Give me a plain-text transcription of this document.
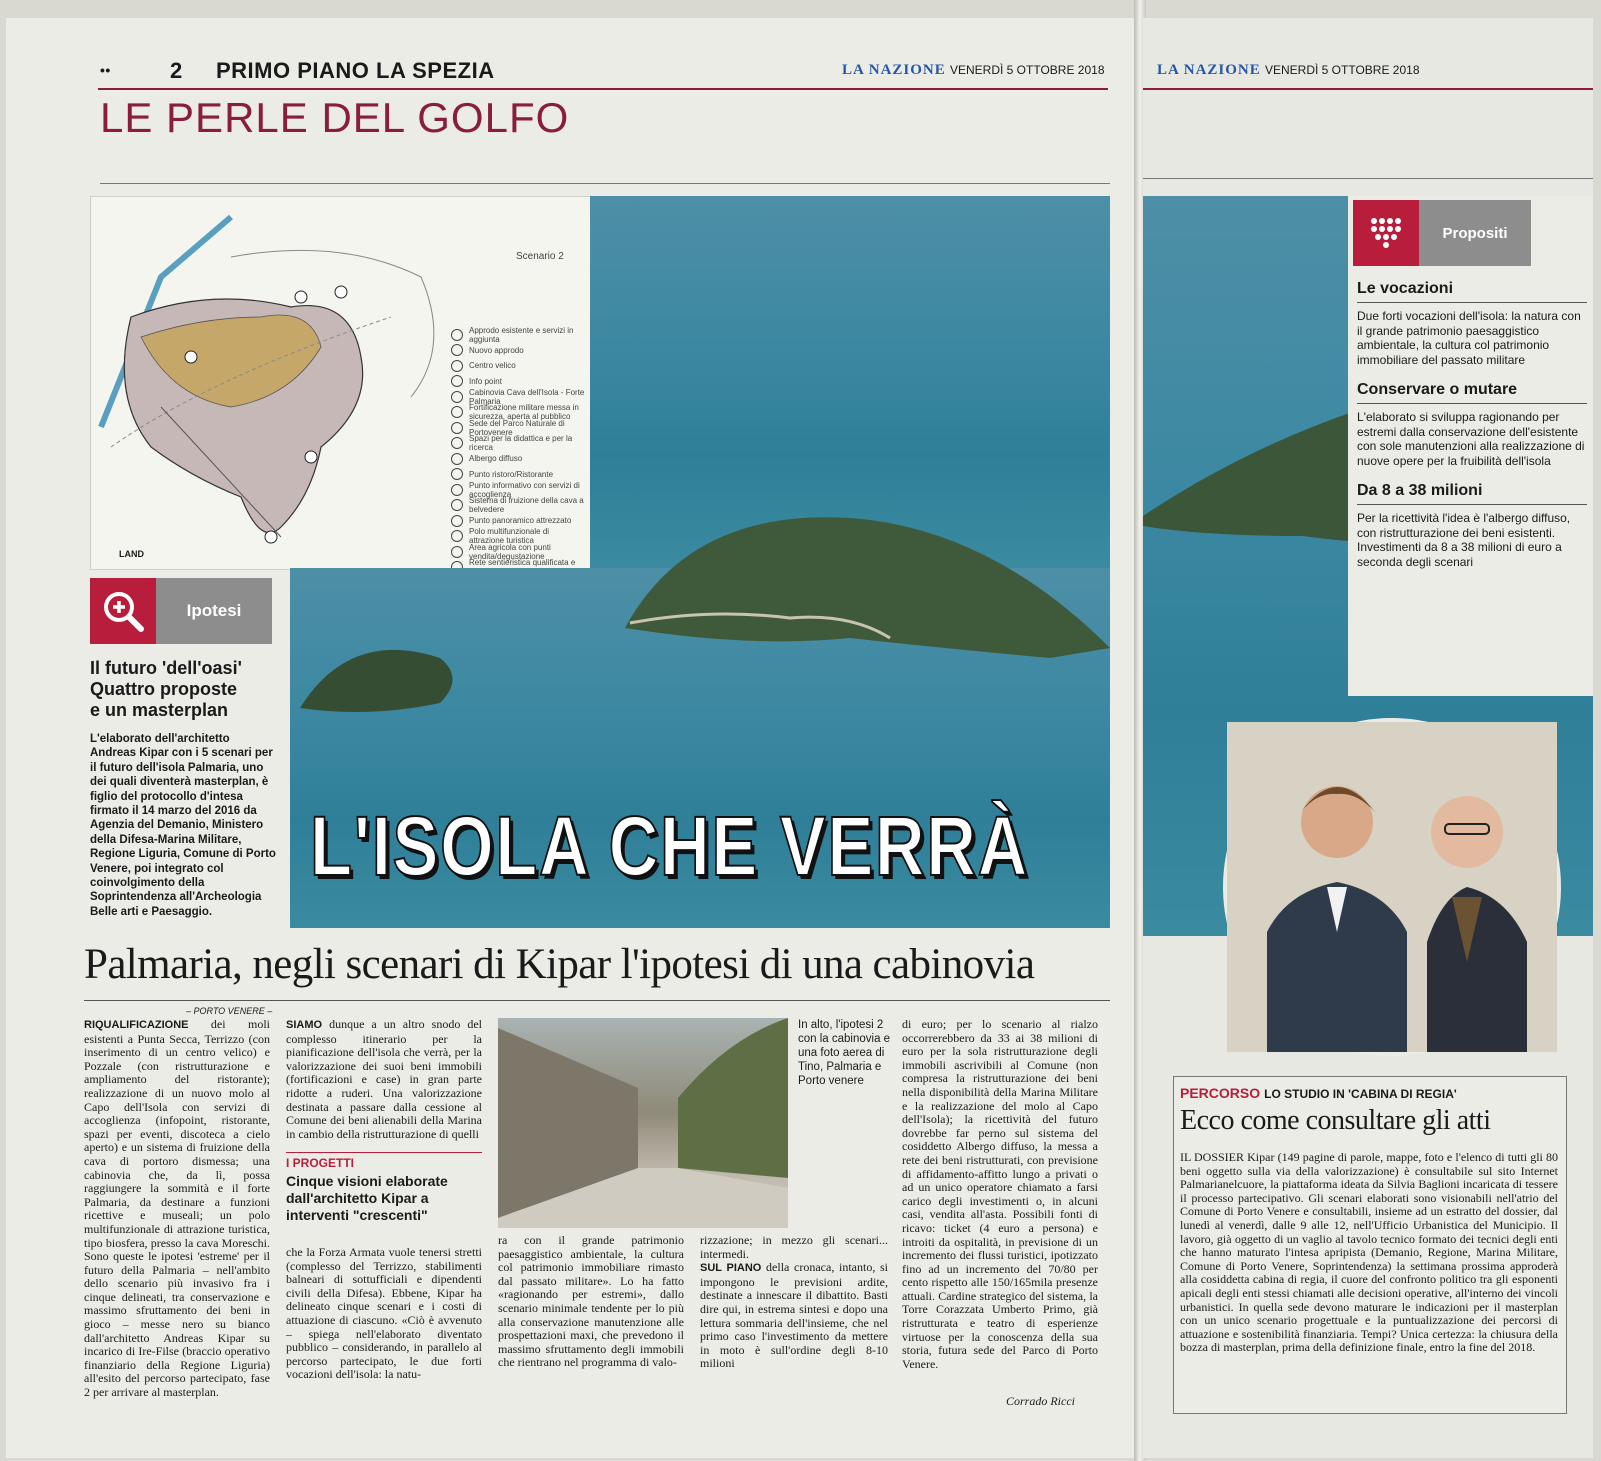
••	2 PRIMO PIANO LA SPEZIA	LA NAZIONE VENERDÌ 5 OTTOBRE 2018
LE PERLE DEL GOLFO
Scenario 2
Approdo esistente e servizi in aggiunta
Nuovo approdo
Centro velico
Info point
Cabinovia Cava dell'Isola - Forte Palmaria
Fortificazione militare messa in sicurezza, aperta al pubblico
Sede del Parco Naturale di Portovenere
Spazi per la didattica e per la ricerca
Albergo diffuso
Punto ristoro/Ristorante
Punto informativo con servizi di accoglienza
Sistema di fruizione della cava a belvedere
Punto panoramico attrezzato
Polo multifunzionale di attrazione turistica
Area agricola con punti vendita/degustazione
Rete sentieristica qualificata e
LAND
L'ISOLA CHE VERRÀ
Ipotesi
Il futuro 'dell'oasi'
Quattro proposte
e un masterplan
L'elaborato dell'architetto Andreas Kipar con i 5 scenari per il futuro dell'isola Palmaria, uno dei quali diventerà masterplan, è figlio del protocollo d'intesa firmato il 14 marzo del 2016 da Agenzia del Demanio, Ministero della Difesa-Marina Militare, Regione Liguria, Comune di Porto Venere, poi integrato col coinvolgimento della Soprintendenza all'Archeologia Belle arti e Paesaggio.
Palmaria, negli scenari di Kipar l'ipotesi di una cabinovia
– PORTO VENERE –
RIQUALIFICAZIONE dei moli esistenti a Punta Secca, Terrizzo (con inserimento di un centro velico) e Pozzale (con ristrutturazione e ampliamento del ristorante); realizzazione di un nuovo molo al Capo dell'Isola con servizi di accoglienza (infopoint, ristorante, spazi per eventi, discoteca a cielo aperto) e un sistema di fruizione della cava di portoro dismessa; una cabinovia che, da lì, possa raggiungere la sommità e il forte Palmaria, da destinare a funzioni ricettive e museali; un polo multifunzionale di attrazione turistica, tipo biosfera, presso la cava Moreschi. Sono queste le ipotesi 'estreme' per il futuro della Palmaria – nell'ambito dello scenario più invasivo fra i cinque delineati, tra conservazione e massimo sfruttamento dei beni in gioco – messe nero su bianco dall'architetto Andreas Kipar su incarico di Ire-Filse (braccio operativo finanziario della Regione Liguria) all'esito del percorso partecipato, fase 2 per arrivare al masterplan.
SIAMO dunque a un altro snodo del complesso itinerario per la pianificazione dell'isola che verrà, per la valorizzazione dei suoi beni immobili (fortificazioni e case) in gran parte ridotte a ruderi. Una valorizzazione destinata a passare dalla cessione al Comune dei beni alienabili della Marina in cambio della ristrutturazione di quelli
I PROGETTI
Cinque visioni elaborate dall'architetto Kipar a interventi "crescenti"
che la Forza Armata vuole tenersi stretti (complesso del Terrizzo, stabilimenti balneari di sottufficiali e dipendenti civili della Difesa). Ebbene, Kipar ha delineato cinque scenari e i costi di attuazione di ciascuno. «Ciò è avvenuto – spiega nell'elaborato diventato pubblico – considerando, in parallelo al percorso partecipato, le due forti vocazioni dell'isola: la natu-
In alto, l'ipotesi 2 con la cabinovia e una foto aerea di Tino, Palmaria e Porto venere
ra con il grande patrimonio paesaggistico ambientale, la cultura col patrimonio immobiliare rimasto dal passato militare». Lo ha fatto «ragionando per estremi», dallo scenario minimale tendente per lo più alla conservazione manutenzione alle prospettazioni maxi, che prevedono il massimo sfruttamento degli immobili che rientrano nel programma di valo-
rizzazione; in mezzo gli scenari... intermedi.
SUL PIANO della cronaca, intanto, si impongono le previsioni ardite, destinate a innescare il dibattito. Basti dire qui, in estrema sintesi e dopo una lettura sommaria dell'insieme, che nel primo caso l'investimento da mettere in moto è sull'ordine degli 8-10 milioni
di euro; per lo scenario al rialzo occorrerebbero da 33 ai 38 milioni di euro per la sola ristrutturazione degli immobili ascrivibili al Comune (non compresa la ristrutturazione dei beni nella disponibilità della Marina Militare e la realizzazione del molo al Capo dell'Isola); la ricettività del futuro dovrebbe far perno sul sistema del cosiddetto Albergo diffuso, la messa a rete dei beni ristrutturati, con previsione di affidamento-affitto lungo a privati o ad un unico operatore chiamato a farsi carico degli investimenti o, in alcuni casi, vendita all'asta. Possibili fonti di ricavo: ticket (4 euro a persona) e introiti da ospitalità, in previsione di un incremento dei flussi turistici, ipotizzato fino ad un incremento del 70/80 per cento rispetto alle 150/165mila presenze attuali. Cardine strategico del sistema, la Torre Corazzata Umberto Primo, già ristrutturata e teatro di esperienze virtuose per la conoscenza della sua storia, futura sede del Parco di Porto Venere.
Corrado Ricci
LA NAZIONE VENERDÌ 5 OTTOBRE 2018
Propositi
Le vocazioni
Due forti vocazioni dell'isola: la natura con il grande patrimonio paesaggistico ambientale, la cultura col patrimonio immobiliare del passato militare
Conservare o mutare
L'elaborato si sviluppa ragionando per estremi dalla conservazione dell'esistente con sole manutenzioni alla realizzazione di nuove opere per la fruibilità dell'isola
Da 8 a 38 milioni
Per la ricettività l'idea è l'albergo diffuso, con ristrutturazione dei beni esistenti. Investimenti da 8 a 38 milioni di euro a seconda degli scenari
PERCORSO LO STUDIO IN 'CABINA DI REGIA'
Ecco come consultare gli atti
IL DOSSIER Kipar (149 pagine di parole, mappe, foto e l'elenco di tutti gli 80 beni oggetto sulla via della valorizzazione) è consultabile sul sito Internet Palmarianelcuore, la piattaforma ideata da Silvia Baglioni incaricata di tessere il processo partecipativo. Gli scenari elaborati sono visionabili nell'atrio del Comune di Porto Venere e consultabili, insieme ad un estratto del dossier, dal lunedì al venerdì, dalle 9 alle 12, nell'Ufficio Urbanistica del Municipio. Il lavoro, già oggetto di un vaglio al tavolo tecnico formato dei tecnici degli enti che hanno maturato l'intesa apripista (Demanio, Regione, Marina Militare, Comune di Porto Venere, Soprintendenza) la settimana prossima approderà alla cosiddetta cabina di regia, il cuore del confronto politico tra gli esponenti apicali degli enti stessi chiamati alle decisioni operative, all'interno dei vincoli urbanistici. In quella sede devono maturare le indicazioni per il masterplan con un unico scenario progettuale e la puntualizzazione dei percorsi di attuazione e sostenibilità finanziaria. Tempi? Unica certezza: la chiusura della bozza di masterplan, prima della definizione finale, entro la fine del 2018.
